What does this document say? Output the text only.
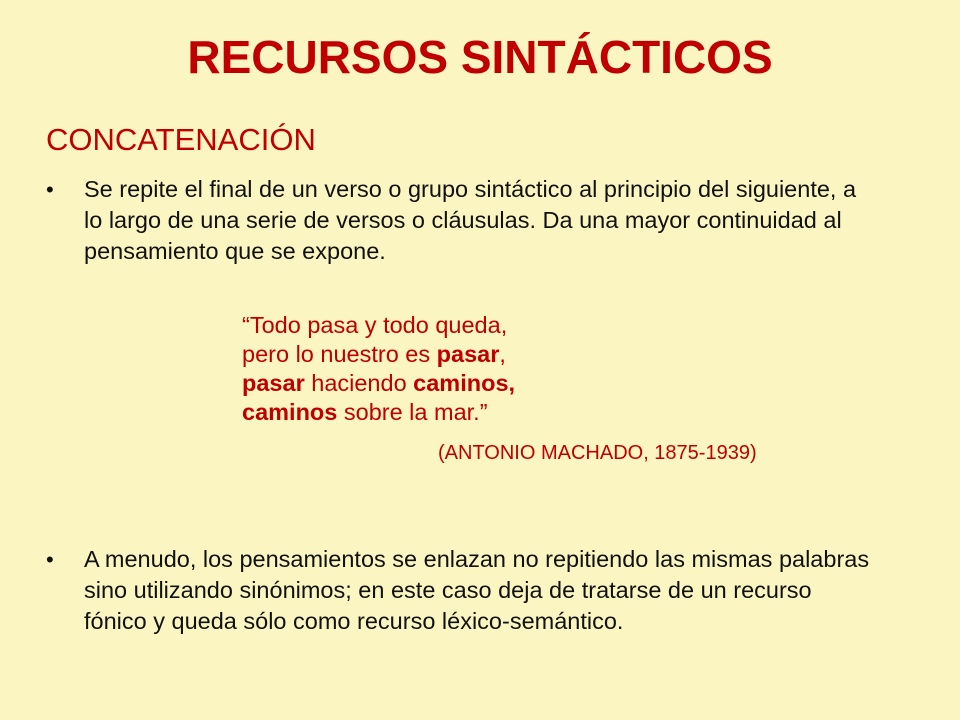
RECURSOS SINTÁCTICOS
CONCATENACIÓN
•	Se repite el final de un verso o grupo sintáctico al principio del siguiente, a lo largo de una serie de versos o cláusulas. Da una mayor continuidad al pensamiento que se expone.
“Todo pasa y todo queda,
pero lo nuestro es pasar,
pasar haciendo caminos,
caminos sobre la mar.”
(ANTONIO MACHADO, 1875-1939)
•	A menudo, los pensamientos se enlazan no repitiendo las mismas palabras sino utilizando sinónimos; en este caso deja de tratarse de un recurso fónico y queda sólo como recurso léxico-semántico.
